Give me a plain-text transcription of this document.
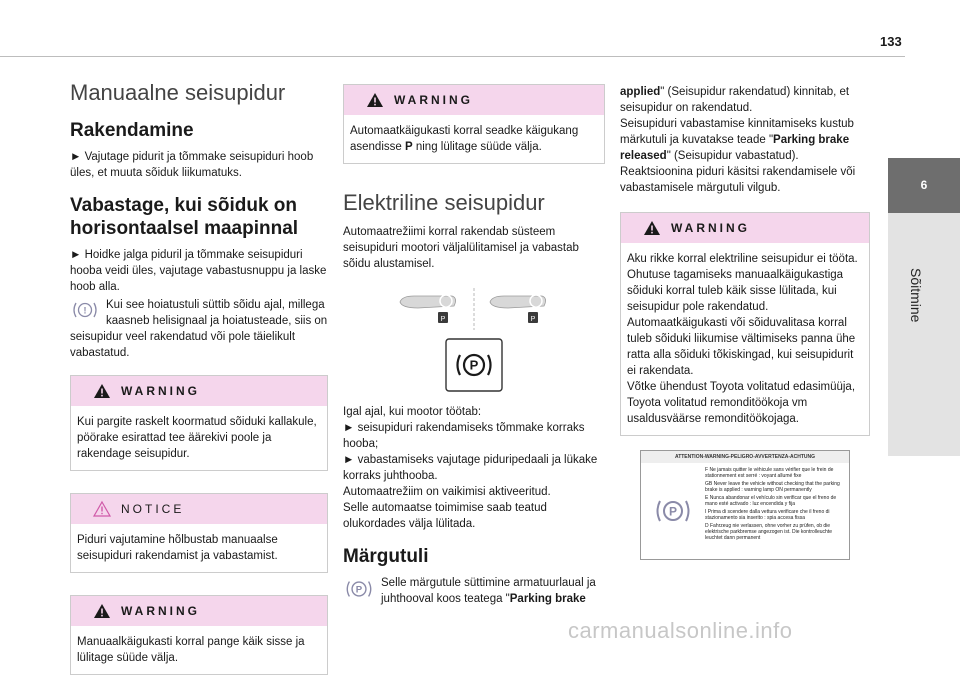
133
6
Sõitmine
Manuaalne seisupidur
Rakendamine

► Vajutage pidurit ja tõmmake seisupiduri hoob üles, et muuta sõiduk liikumatuks.

Vabastage, kui sõiduk on horisontaalsel maapinnal

► Hoidke jalga piduril ja tõmmake seisupiduri hooba veidi üles, vajutage vabastusnuppu ja laske hoob alla.

!	Kui see hoiatustuli süttib sõidu ajal, millega kaasneb helisignaal ja hoiatusteade, siis on seisupidur veel rakendatud või pole täielikult vabastatud.

WARNING
Kui pargite raskelt koormatud sõiduki kallakule, pöörake esirattad tee äärekivi poole ja rakendage seisupidur.
NOTICE
Piduri vajutamine hõlbustab manuaalse seisupiduri rakendamist ja vabastamist.
WARNING
Manuaalkäigukasti korral pange käik sisse ja lülitage süüde välja.
WARNING
Automaatkäigukasti korral seadke käigukang asendisse P ning lülitage süüde välja.
Elektriline seisupidur

Automaatrežiimi korral rakendab süsteem seisupiduri mootori väljalülitamisel ja vabastab sõidu alustamisel.

P	P
P

Igal ajal, kui mootor töötab:
► seisupiduri rakendamiseks tõmmake korraks hooba;
► vabastamiseks vajutage piduripedaali ja lükake korraks juhthooba.
Automaatrežiim on vaikimisi aktiveeritud.
Selle automaatse toimimise saab teatud olukordades välja lülitada.

Märgutuli
P

Selle märgutule süttimine armatuurlaual ja juhthooval koos teatega "Parking brake

applied" (Seisupidur rakendatud) kinnitab, et seisupidur on rakendatud.
Seisupiduri vabastamise kinnitamiseks kustub märkutuli ja kuvatakse teade "Parking brake released" (Seisupidur vabastatud).
Reaktsioonina piduri käsitsi rakendamisele või vabastamisele märgutuli vilgub.

WARNING
Aku rikke korral elektriline seisupidur ei tööta.
Ohutuse tagamiseks manuaalkäigukastiga sõiduki korral tuleb käik sisse lülitada, kui seisupidur pole rakendatud.
Automaatkäigukasti või sõiduvalitasa korral tuleb sõiduki liikumise vältimiseks panna ühe ratta alla sõiduki tõkiskingad, kui seisupidurit ei rakendata.
Võtke ühendust Toyota volitatud edasimüüja, Toyota volitatud remonditöökoja vm usaldusväärse remonditöökojaga.
ATTENTION-WARNING-PELIGRO-AVVERTENZA-ACHTUNG
P
F Ne jamais quitter le véhicule sans vérifier que le frein de stationnement est serré : voyant allumé fixe
GB Never leave the vehicle without checking that the parking brake is applied : warning lamp ON permanently
E Nunca abandonar el vehículo sin verificar que el freno de mano esté activado : luz encendida y fija
I Prima di scendere dalla vettura verificare che il freno di stazionamento sia inserito : spia accesa fissa
D Fahrzeug nie verlassen, ohne vorher zu prüfen, ob die elektrische parkbremse angezogen ist. Die kontrolleuchte leuchtet dann permanent
carmanualsonline.info
